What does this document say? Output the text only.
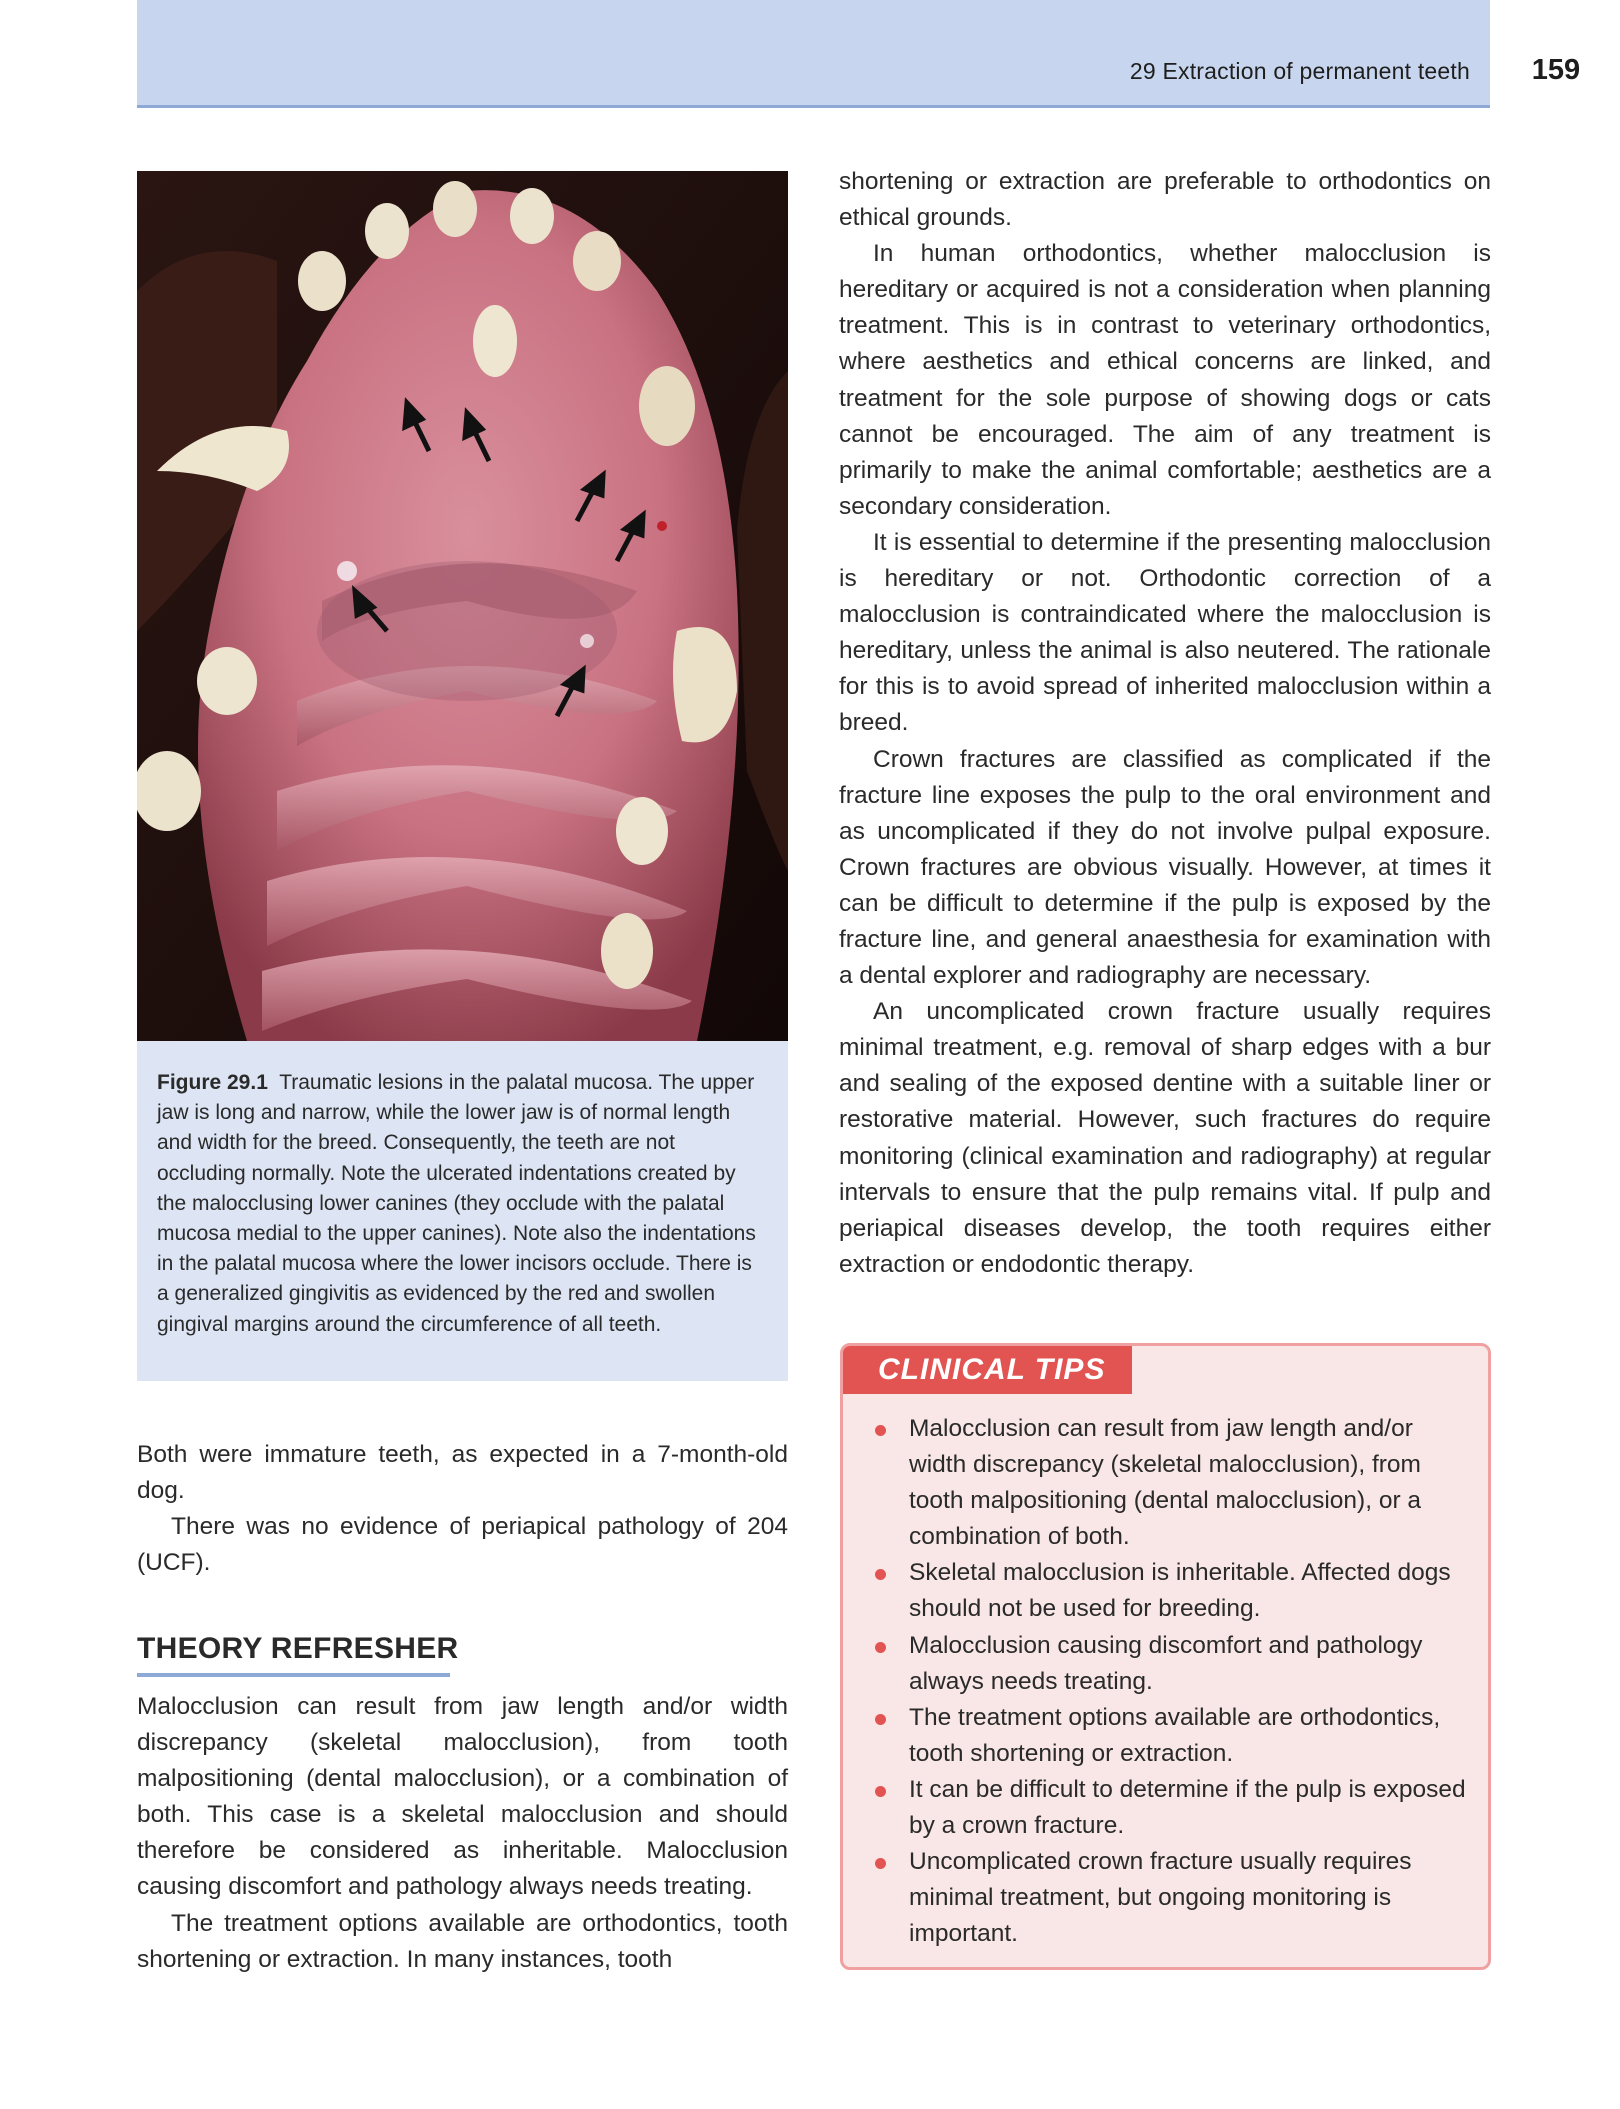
29 Extraction of permanent teeth	159
Figure 29.1 Traumatic lesions in the palatal mucosa. The upper jaw is long and narrow, while the lower jaw is of normal length and width for the breed. Consequently, the teeth are not occluding normally. Note the ulcerated indentations created by the malocclusing lower canines (they occlude with the palatal mucosa medial to the upper canines). Note also the indentations in the palatal mucosa where the lower incisors occlude. There is a generalized gingivitis as evidenced by the red and swollen gingival margins around the circumference of all teeth.

Both were immature teeth, as expected in a 7-month-old dog.

There was no evidence of periapical pathology of 204 (UCF).

THEORY REFRESHER

Malocclusion can result from jaw length and/or width discrepancy (skeletal malocclusion), from tooth malpositioning (dental malocclusion), or a combination of both. This case is a skeletal malocclusion and should therefore be considered as inheritable. Malocclusion causing discomfort and pathology always needs treating.

The treatment options available are orthodontics, tooth shortening or extraction. In many instances, tooth

shortening or extraction are preferable to orthodontics on ethical grounds.

In human orthodontics, whether malocclusion is hereditary or acquired is not a consideration when planning treatment. This is in contrast to veterinary orthodontics, where aesthetics and ethical concerns are linked, and treatment for the sole purpose of showing dogs or cats cannot be encouraged. The aim of any treatment is primarily to make the animal comfortable; aesthetics are a secondary consideration.

It is essential to determine if the presenting malocclusion is hereditary or not. Orthodontic correction of a malocclusion is contraindicated where the malocclusion is hereditary, unless the animal is also neutered. The rationale for this is to avoid spread of inherited malocclusion within a breed.

Crown fractures are classified as complicated if the fracture line exposes the pulp to the oral environment and as uncomplicated if they do not involve pulpal exposure. Crown fractures are obvious visually. However, at times it can be difficult to determine if the pulp is exposed by the fracture line, and general anaesthesia for examination with a dental explorer and radiography are necessary.

An uncomplicated crown fracture usually requires minimal treatment, e.g. removal of sharp edges with a bur and sealing of the exposed dentine with a suitable liner or restorative material. However, such fractures do require monitoring (clinical examination and radiography) at regular intervals to ensure that the pulp remains vital. If pulp and periapical diseases develop, the tooth requires either extraction or endodontic therapy.

CLINICAL TIPS
Malocclusion can result from jaw length and/or width discrepancy (skeletal malocclusion), from tooth malpositioning (dental malocclusion), or a combination of both.
Skeletal malocclusion is inheritable. Affected dogs should not be used for breeding.
Malocclusion causing discomfort and pathology always needs treating.
The treatment options available are orthodontics, tooth shortening or extraction.
It can be difficult to determine if the pulp is exposed by a crown fracture.
Uncomplicated crown fracture usually requires minimal treatment, but ongoing monitoring is important.
